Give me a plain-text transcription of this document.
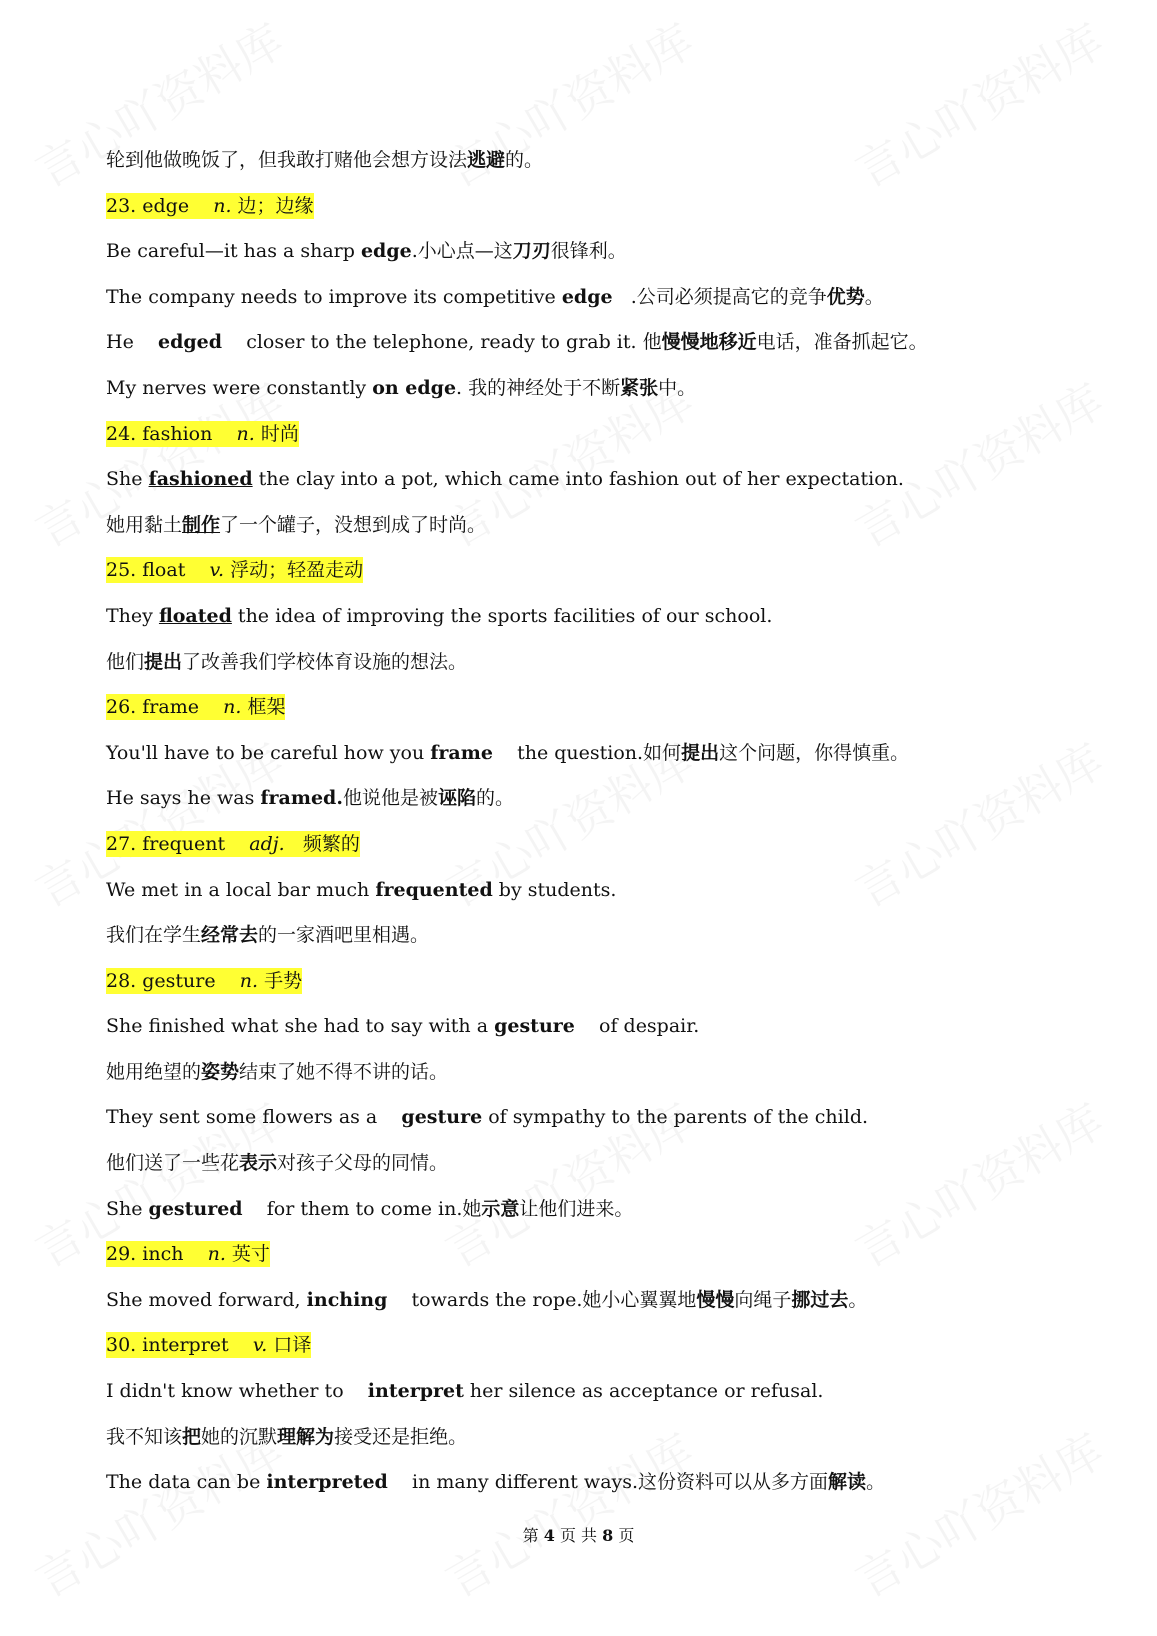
轮到他做晚饭了，但我敢打赌他会想方设法逃避的。
23. edge    n. 边；边缘
Be careful—it has a sharp edge.小心点—这刀刃很锋利。
The company needs to improve its competitive edge   .公司必须提高它的竞争优势。
He    edged    closer to the telephone, ready to grab it. 他慢慢地移近电话，准备抓起它。
My nerves were constantly on edge. 我的神经处于不断紧张中。
24. fashion    n. 时尚
She fashioned the clay into a pot, which came into fashion out of her expectation.
她用黏土制作了一个罐子，没想到成了时尚。
25. float    v. 浮动；轻盈走动
They floated the idea of improving the sports facilities of our school.
他们提出了改善我们学校体育设施的想法。
26. frame    n. 框架
You'll have to be careful how you frame    the question.如何提出这个问题，你得慎重。
He says he was framed.他说他是被诬陷的。
27. frequent    adj.   频繁的
We met in a local bar much frequented by students.
我们在学生经常去的一家酒吧里相遇。
28. gesture    n. 手势
She finished what she had to say with a gesture    of despair.
她用绝望的姿势结束了她不得不讲的话。
They sent some flowers as a    gesture of sympathy to the parents of the child.
他们送了一些花表示对孩子父母的同情。
She gestured    for them to come in.她示意让他们进来。
29. inch    n. 英寸
She moved forward, inching    towards the rope.她小心翼翼地慢慢向绳子挪过去。
30. interpret    v. 口译
I didn't know whether to    interpret her silence as acceptance or refusal.
我不知该把她的沉默理解为接受还是拒绝。
The data can be interpreted    in many different ways.这份资料可以从多方面解读。
第 4 页 共 8 页
